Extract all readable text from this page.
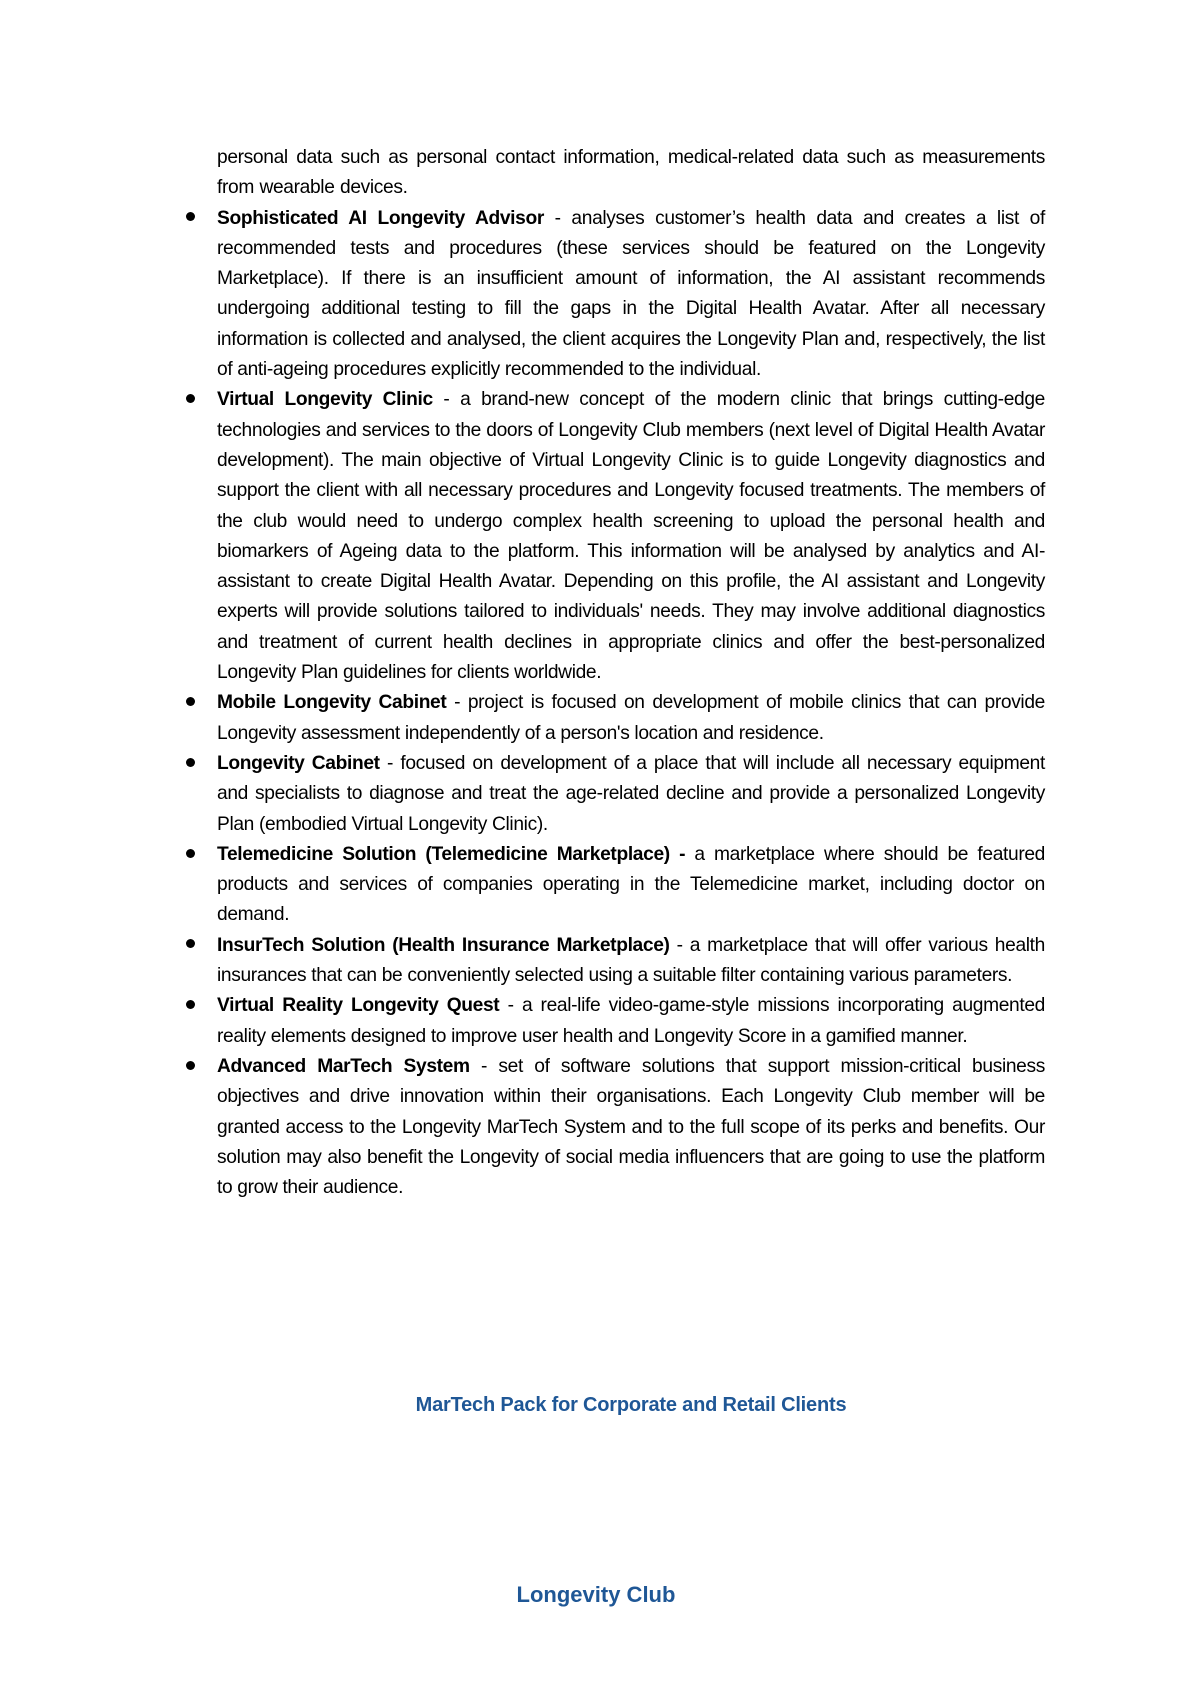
personal data such as personal contact information, medical-related data such as measurements from wearable devices.

Sophisticated AI Longevity Advisor - analyses customer’s health data and creates a list of recommended tests and procedures (these services should be featured on the Longevity Marketplace). If there is an insufficient amount of information, the AI assistant recommends undergoing additional testing to fill the gaps in the Digital Health Avatar. After all necessary information is collected and analysed, the client acquires the Longevity Plan and, respectively, the list of anti-ageing procedures explicitly recommended to the individual.
Virtual Longevity Clinic - a brand-new concept of the modern clinic that brings cutting-edge technologies and services to the doors of Longevity Club members (next level of Digital Health Avatar development). The main objective of Virtual Longevity Clinic is to guide Longevity diagnostics and support the client with all necessary procedures and Longevity focused treatments. The members of the club would need to undergo complex health screening to upload the personal health and biomarkers of Ageing data to the platform. This information will be analysed by analytics and AI-assistant to create Digital Health Avatar. Depending on this profile, the AI assistant and Longevity experts will provide solutions tailored to individuals' needs. They may involve additional diagnostics and treatment of current health declines in appropriate clinics and offer the best-personalized Longevity Plan guidelines for clients worldwide.
Mobile Longevity Cabinet - project is focused on development of mobile clinics that can provide Longevity assessment independently of a person's location and residence.
Longevity Cabinet - focused on development of a place that will include all necessary equipment and specialists to diagnose and treat the age-related decline and provide a personalized Longevity Plan (embodied Virtual Longevity Clinic).
Telemedicine Solution (Telemedicine Marketplace) - a marketplace where should be featured products and services of companies operating in the Telemedicine market, including doctor on demand.
InsurTech Solution (Health Insurance Marketplace) - a marketplace that will offer various health insurances that can be conveniently selected using a suitable filter containing various parameters.
Virtual Reality Longevity Quest - a real-life video-game-style missions incorporating augmented reality elements designed to improve user health and Longevity Score in a gamified manner.
Advanced MarTech System - set of software solutions that support mission-critical business objectives and drive innovation within their organisations. Each Longevity Club member will be granted access to the Longevity MarTech System and to the full scope of its perks and benefits. Our solution may also benefit the Longevity of social media influencers that are going to use the platform to grow their audience.
MarTech Pack for Corporate and Retail Clients
Longevity Club
